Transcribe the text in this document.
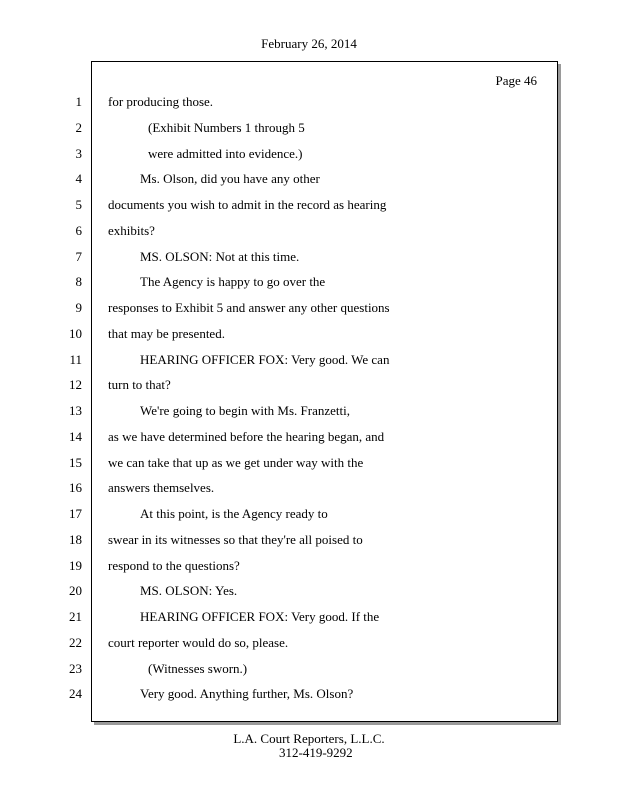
February 26, 2014
1
2
3
4
5
6
7
8
9
10
11
12
13
14
15
16
17
18
19
20
21
22
23
24
Page 46
for producing those.
(Exhibit Numbers 1 through 5
were admitted into evidence.)
Ms. Olson, did you have any other
documents you wish to admit in the record as hearing
exhibits?
MS. OLSON: Not at this time.
The Agency is happy to go over the
responses to Exhibit 5 and answer any other questions
that may be presented.
HEARING OFFICER FOX: Very good. We can
turn to that?
We're going to begin with Ms. Franzetti,
as we have determined before the hearing began, and
we can take that up as we get under way with the
answers themselves.
At this point, is the Agency ready to
swear in its witnesses so that they're all poised to
respond to the questions?
MS. OLSON: Yes.
HEARING OFFICER FOX: Very good. If the
court reporter would do so, please.
(Witnesses sworn.)
Very good. Anything further, Ms. Olson?
L.A. Court Reporters, L.L.C.
312-419-9292
